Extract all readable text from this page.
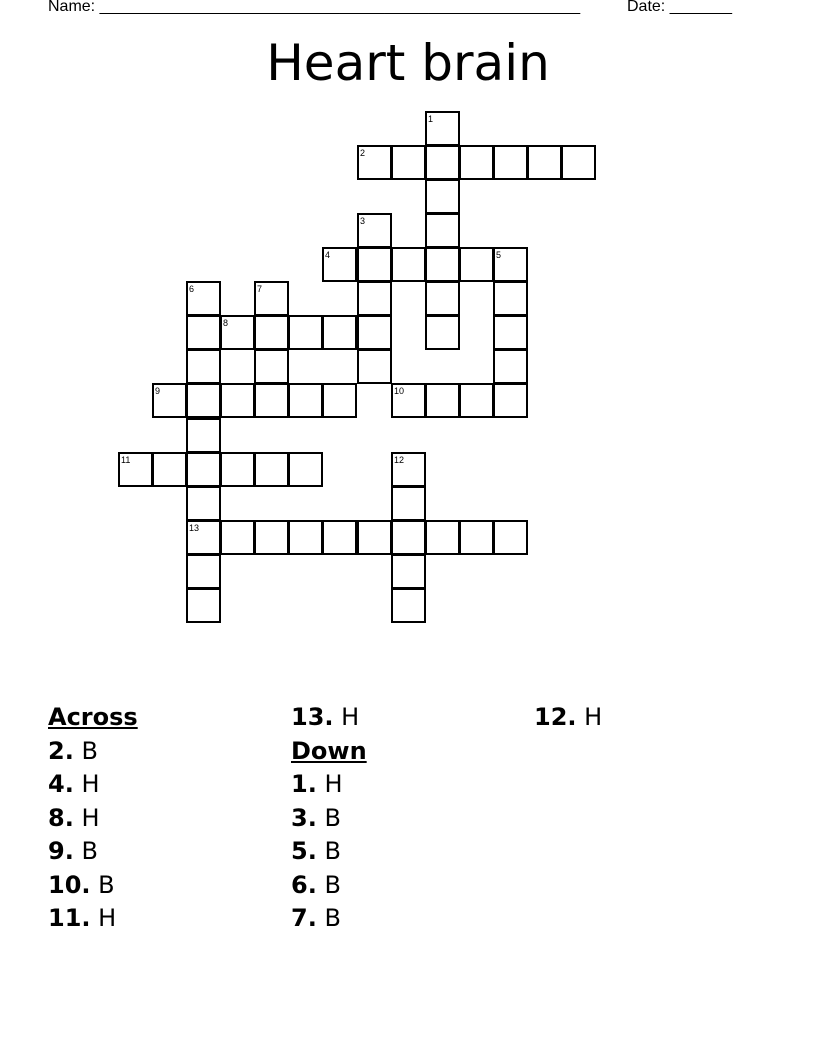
Name: ______________________________________________________	Date: _______
Heart brain
1
2
3
4	5
6	7
8
9	10
11	12
13
Across
2. B
4. H
8. H
9. B
10. B
11. H
13. H
Down
1. H
3. B
5. B
6. B
7. B
12. H
